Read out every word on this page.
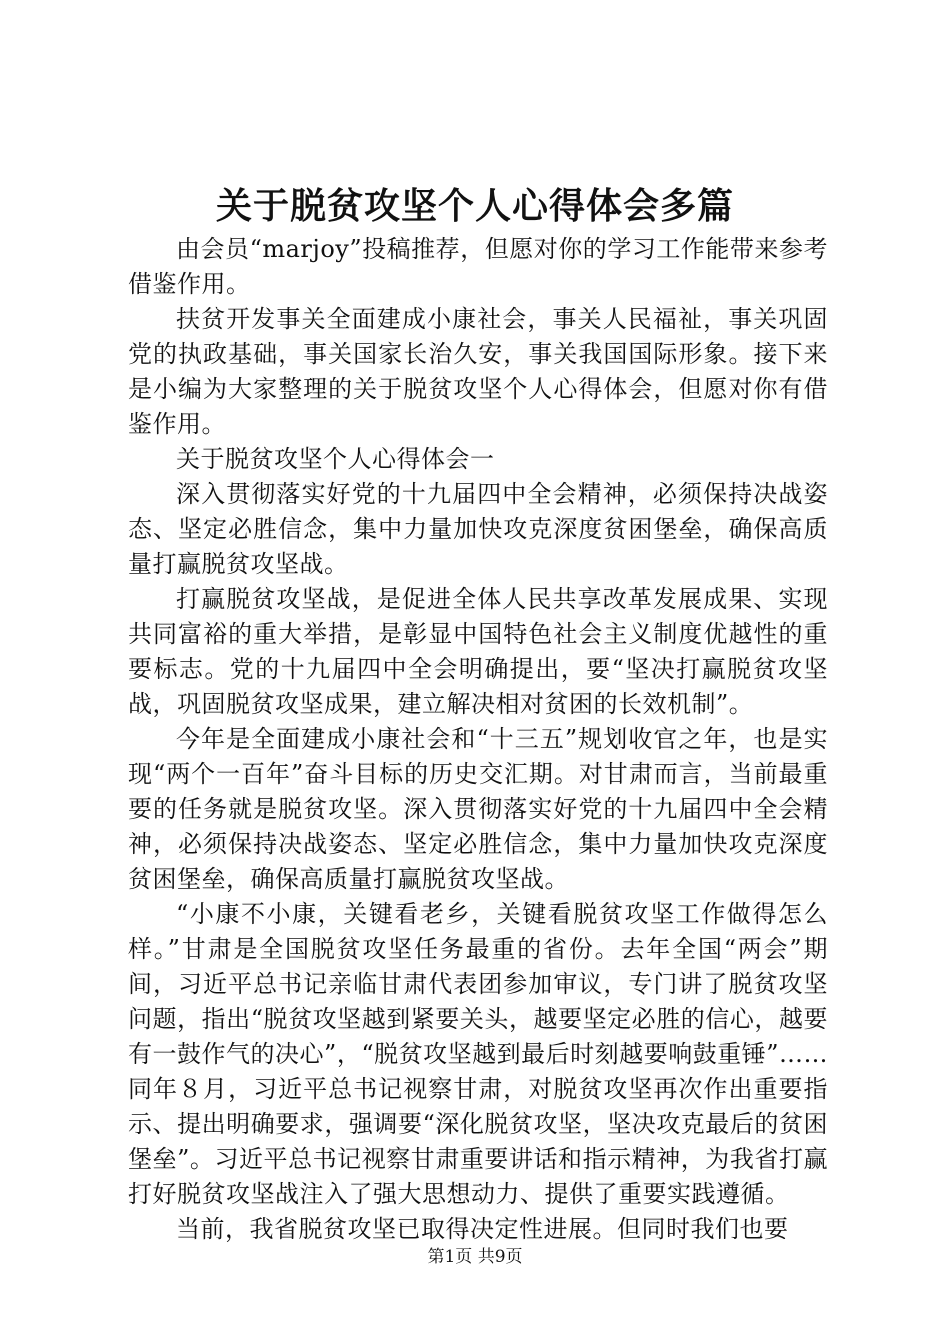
关于脱贫攻坚个人心得体会多篇

由会员“marjoy”投稿推荐，但愿对你的学习工作能带来参考借鉴作用。

扶贫开发事关全面建成小康社会，事关人民福祉，事关巩固党的执政基础，事关国家长治久安，事关我国国际形象。接下来是小编为大家整理的关于脱贫攻坚个人心得体会，但愿对你有借鉴作用。

关于脱贫攻坚个人心得体会一

深入贯彻落实好党的十九届四中全会精神，必须保持决战姿态、坚定必胜信念，集中力量加快攻克深度贫困堡垒，确保高质量打赢脱贫攻坚战。

打赢脱贫攻坚战，是促进全体人民共享改革发展成果、实现共同富裕的重大举措，是彰显中国特色社会主义制度优越性的重要标志。党的十九届四中全会明确提出，要“坚决打赢脱贫攻坚战，巩固脱贫攻坚成果，建立解决相对贫困的长效机制”。

今年是全面建成小康社会和“十三五”规划收官之年，也是实现“两个一百年”奋斗目标的历史交汇期。对甘肃而言，当前最重要的任务就是脱贫攻坚。深入贯彻落实好党的十九届四中全会精神，必须保持决战姿态、坚定必胜信念，集中力量加快攻克深度贫困堡垒，确保高质量打赢脱贫攻坚战。

“小康不小康，关键看老乡，关键看脱贫攻坚工作做得怎么样。”甘肃是全国脱贫攻坚任务最重的省份。去年全国“两会”期间，习近平总书记亲临甘肃代表团参加审议，专门讲了脱贫攻坚问题，指出“脱贫攻坚越到紧要关头，越要坚定必胜的信心，越要有一鼓作气的决心”，“脱贫攻坚越到最后时刻越要响鼓重锤”……同年８月，习近平总书记视察甘肃，对脱贫攻坚再次作出重要指示、提出明确要求，强调要“深化脱贫攻坚，坚决攻克最后的贫困堡垒”。习近平总书记视察甘肃重要讲话和指示精神，为我省打赢打好脱贫攻坚战注入了强大思想动力、提供了重要实践遵循。

当前，我省脱贫攻坚已取得决定性进展。但同时我们也要

第1页 共9页
